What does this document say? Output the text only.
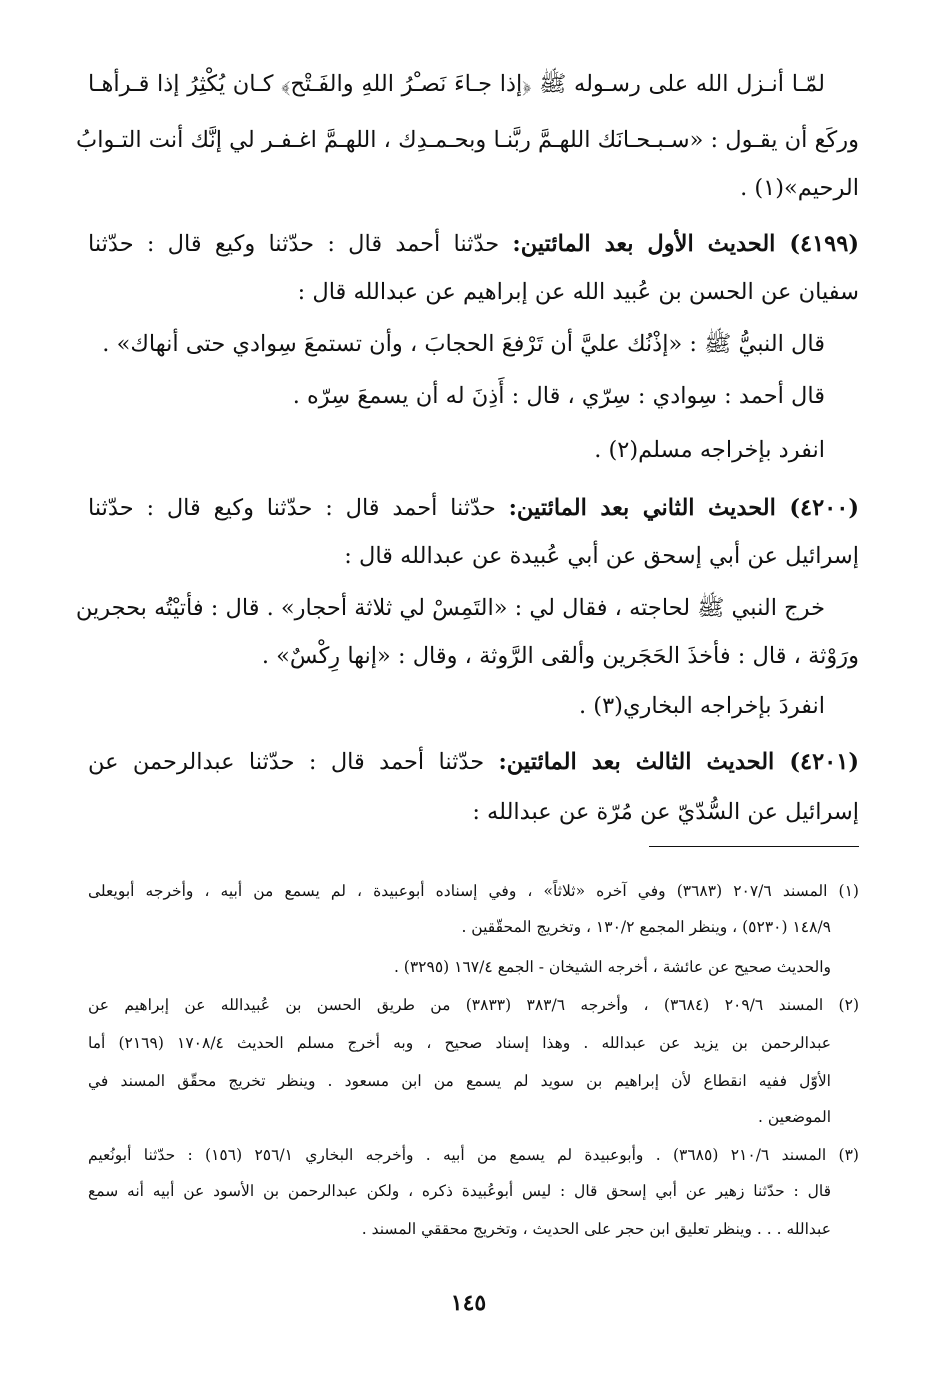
لمّـا أنـزل الله على رسـوله ﷺ ﴿إذا جـاءَ نَصـْرُ اللهِ والفَـتْح﴾ كـان يُكْثِرُ إذا قـرأهـا
وركَع أن يقـول : «سـبـحـانَك اللهـمَّ ربَّنـا وبحـمـدِك ، اللهـمَّ اغـفـر لي إنَّك أنت التـوابُ
الرحيم»(١) .
(٤١٩٩) الحديث الأول بعد المائتين: حدّثنا أحمد قال : حدّثنا وكيع قال : حدّثنا
سفيان عن الحسن بن عُبيد الله عن إبراهيم عن عبدالله قال :
قال النبيُّ ﷺ : «إذْنُك عليَّ أن تَرْفعَ الحجابَ ، وأن تستمعَ سِوادي حتى أنهاك» .
قال أحمد : سِوادي : سِرّي ، قال : أَذِنَ له أن يسمعَ سِرّه .
انفرد بإخراجه مسلم(٢) .
(٤٢٠٠) الحديث الثاني بعد المائتين: حدّثنا أحمد قال : حدّثنا وكيع قال : حدّثنا
إسرائيل عن أبي إسحق عن أبي عُبيدة عن عبدالله قال :
خرج النبي ﷺ لحاجته ، فقال لي : «التَمِسْ لي ثلاثة أحجار» . قال : فأتيْتُه بحجرين
ورَوْثة ، قال : فأخذَ الحَجَرين وألقى الرَّوثة ، وقال : «إنها رِكْسٌ» .
انفردَ بإخراجه البخاري(٣) .
(٤٢٠١) الحديث الثالث بعد المائتين: حدّثنا أحمد قال : حدّثنا عبدالرحمن عن
إسرائيل عن السُّدّيّ عن مُرّة عن عبدالله :
(١) المسند ٢٠٧/٦ (٣٦٨٣) وفي آخره «ثلاثاً» ، وفي إسناده أبوعبيدة ، لم يسمع من أبيه ، وأخرجه أبويعلى
١٤٨/٩ (٥٢٣٠) ، وينظر المجمع ١٣٠/٢ ، وتخريج المحقّقين .
والحديث صحيح عن عائشة ، أخرجه الشيخان - الجمع ١٦٧/٤ (٣٢٩٥) .
(٢) المسند ٢٠٩/٦ (٣٦٨٤) ، وأخرجه ٣٨٣/٦ (٣٨٣٣) من طريق الحسن بن عُبيدالله عن إبراهيم عن
عبدالرحمن بن يزيد عن عبدالله . وهذا إسناد صحيح ، وبه أخرج مسلم الحديث ١٧٠٨/٤ (٢١٦٩) أما
الأوّل ففيه انقطاع لأن إبراهيم بن سويد لم يسمع من ابن مسعود . وينظر تخريج محقّق المسند في
الموضعين .
(٣) المسند ٢١٠/٦ (٣٦٨٥) . وأبوعبيدة لم يسمع من أبيه . وأخرجه البخاري ٢٥٦/١ (١٥٦) : حدّثنا أبونُعيم
قال : حدّثنا زهير عن أبي إسحق قال : ليس أبوعُبيدة ذكره ، ولكن عبدالرحمن بن الأسود عن أبيه أنه سمع
عبدالله . . . وينظر تعليق ابن حجر على الحديث ، وتخريج محققي المسند .
١٤٥
